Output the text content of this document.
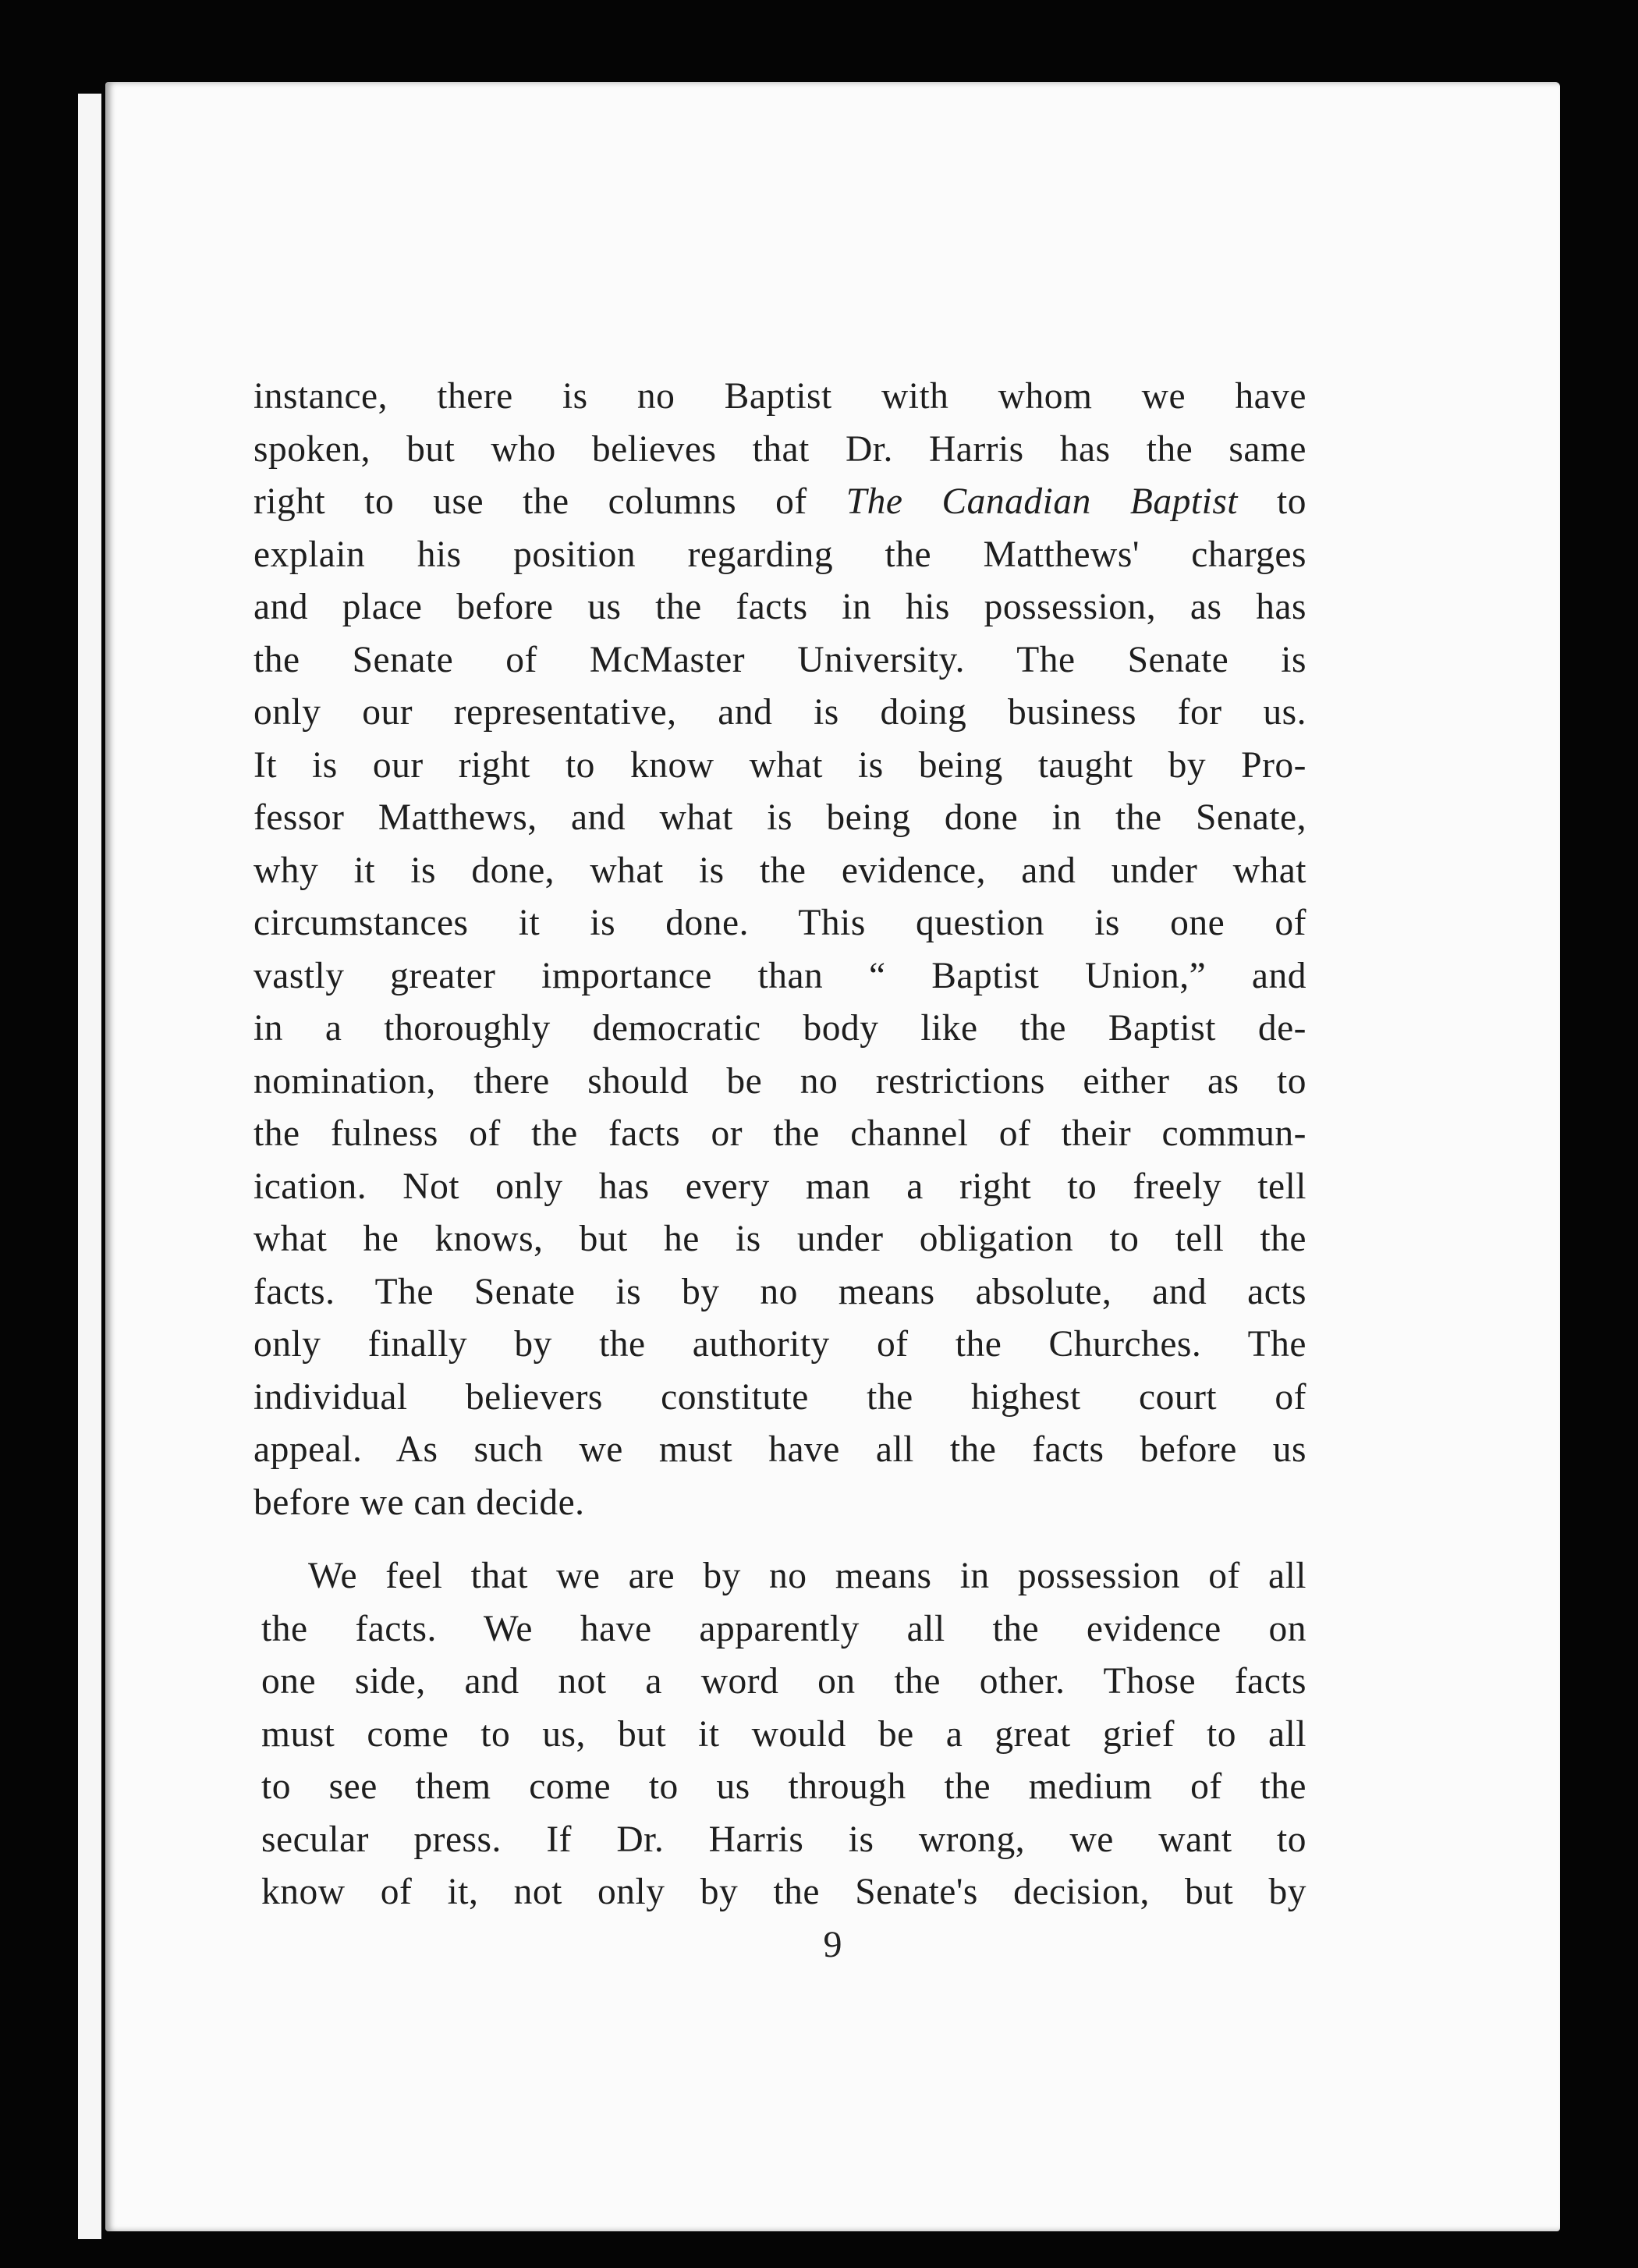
instance, there is no Baptist with whom we have
spoken, but who believes that Dr. Harris has the same
right to use the columns of The Canadian Baptist to
explain his position regarding the Matthews' charges
and place before us the facts in his possession, as has
the Senate of McMaster University. The Senate is
only our representative, and is doing business for us.
It is our right to know what is being taught by Pro-
fessor Matthews, and what is being done in the Senate,
why it is done, what is the evidence, and under what
circumstances it is done. This question is one of
vastly greater importance than “ Baptist Union,” and
in a thoroughly democratic body like the Baptist de-
nomination, there should be no restrictions either as to
the fulness of the facts or the channel of their commun-
ication. Not only has every man a right to freely tell
what he knows, but he is under obligation to tell the
facts. The Senate is by no means absolute, and acts
only finally by the authority of the Churches. The
individual believers constitute the highest court of
appeal. As such we must have all the facts before us
before we can decide.
We feel that we are by no means in possession of all
the facts. We have apparently all the evidence on
one side, and not a word on the other. Those facts
must come to us, but it would be a great grief to all
to see them come to us through the medium of the
secular press. If Dr. Harris is wrong, we want to
know of it, not only by the Senate's decision, but by
9
